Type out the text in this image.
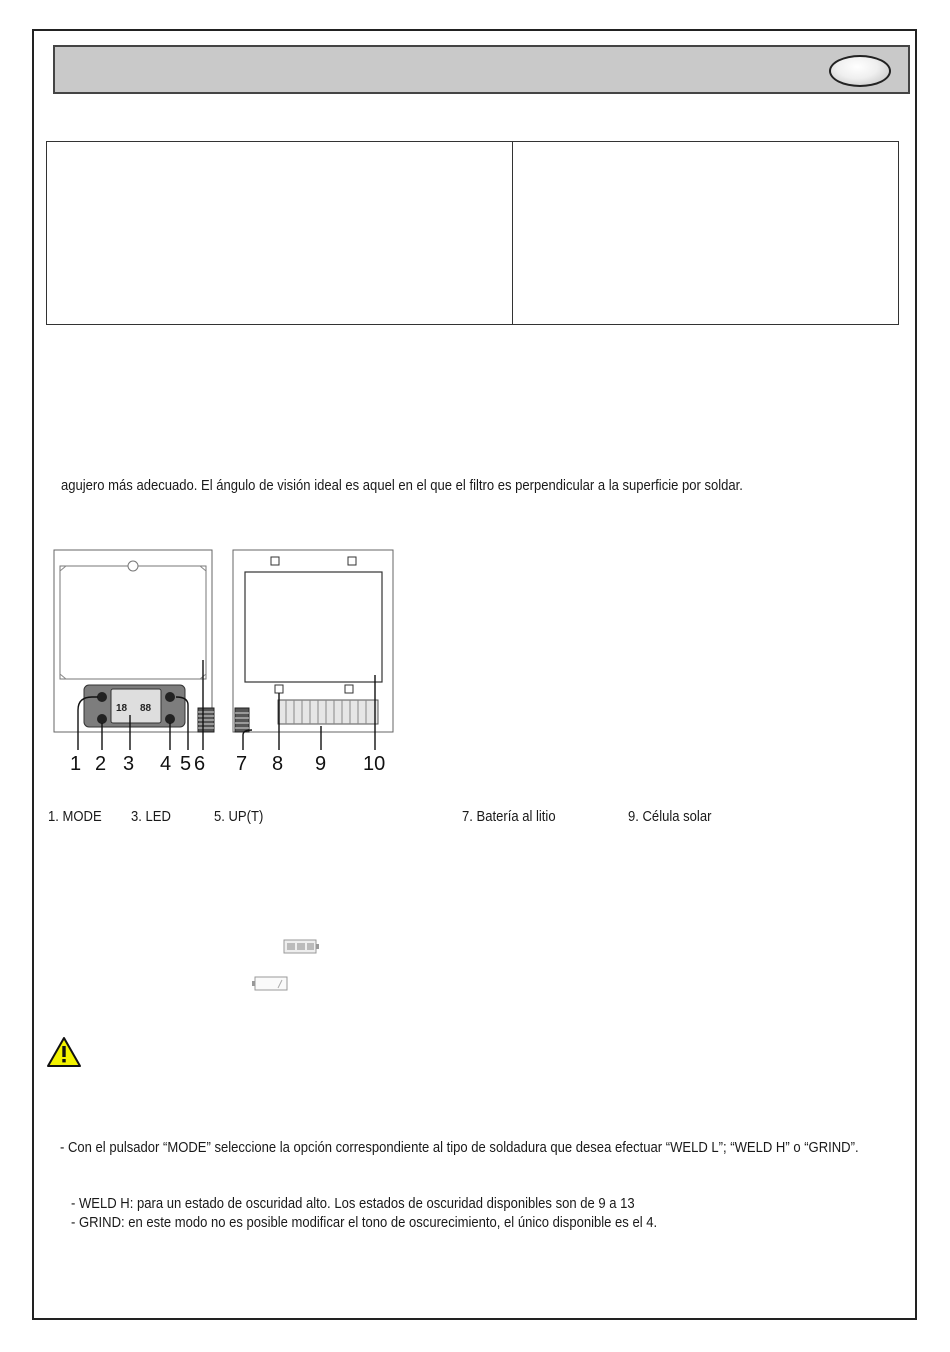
agujero más adecuado. El ángulo de visión ideal es aquel en el que el filtro es perpendicular a la superficie por soldar.
18 88
1 2 3 4 5 6 7 8 9 10
1. MODE 3. LED	5. UP(T)	7. Batería al litio	9. Célula solar
- Con el pulsador “MODE” seleccione la opción correspondiente al tipo de soldadura que desea efectuar “WELD L”; “WELD H” o “GRIND”.
- WELD H: para un estado de oscuridad alto. Los estados de oscuridad disponibles son de 9 a 13
- GRIND: en este modo no es posible modificar el tono de oscurecimiento, el único disponible es el 4.
